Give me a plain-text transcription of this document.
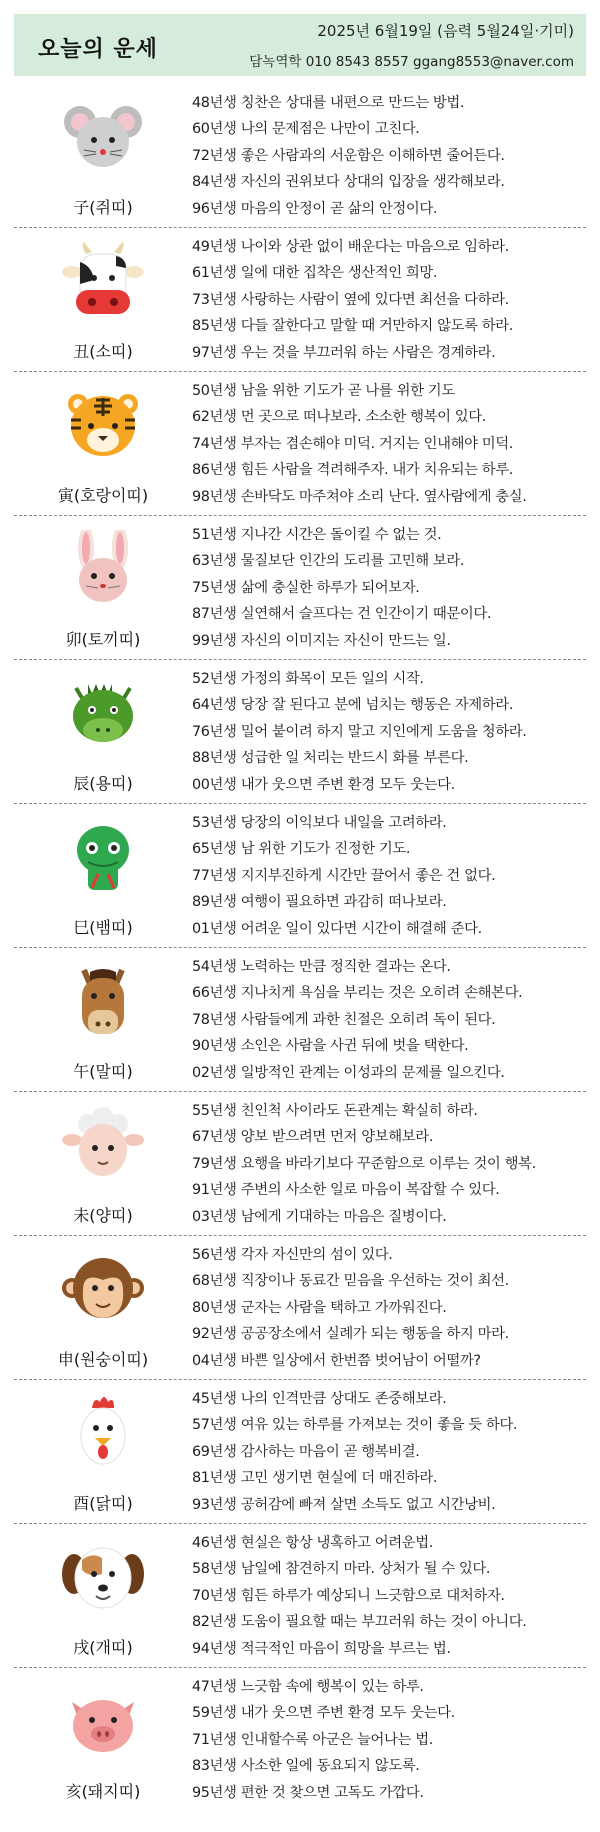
오늘의 운세
2025년 6월19일 (음력 5월24일·기미)
담녹역학 010 8543 8557 ggang8553@naver.com
子(쥐띠)
48년생 칭찬은 상대를 내편으로 만드는 방법.
60년생 나의 문제점은 나만이 고친다.
72년생 좋은 사람과의 서운함은 이해하면 줄어든다.
84년생 자신의 권위보다 상대의 입장을 생각해보라.
96년생 마음의 안정이 곧 삶의 안정이다.
丑(소띠)
49년생 나이와 상관 없이 배운다는 마음으로 임하라.
61년생 일에 대한 집착은 생산적인 희망.
73년생 사랑하는 사람이 옆에 있다면 최선을 다하라.
85년생 다들 잘한다고 말할 때 거만하지 않도록 하라.
97년생 우는 것을 부끄러워 하는 사람은 경계하라.
寅(호랑이띠)
50년생 남을 위한 기도가 곧 나를 위한 기도
62년생 먼 곳으로 떠나보라. 소소한 행복이 있다.
74년생 부자는 겸손해야 미덕. 거지는 인내해야 미덕.
86년생 힘든 사람을 격려해주자. 내가 치유되는 하루.
98년생 손바닥도 마주쳐야 소리 난다. 옆사람에게 충실.
卯(토끼띠)
51년생 지나간 시간은 돌이킬 수 없는 것.
63년생 물질보단 인간의 도리를 고민해 보라.
75년생 삶에 충실한 하루가 되어보자.
87년생 실연해서 슬프다는 건 인간이기 때문이다.
99년생 자신의 이미지는 자신이 만드는 일.
辰(용띠)
52년생 가정의 화목이 모든 일의 시작.
64년생 당장 잘 된다고 분에 넘치는 행동은 자제하라.
76년생 밀어 붙이려 하지 말고 지인에게 도움을 청하라.
88년생 성급한 일 처리는 반드시 화를 부른다.
00년생 내가 웃으면 주변 환경 모두 웃는다.
巳(뱀띠)
53년생 당장의 이익보다 내일을 고려하라.
65년생 남 위한 기도가 진정한 기도.
77년생 지지부진하게 시간만 끌어서 좋은 건 없다.
89년생 여행이 필요하면 과감히 떠나보라.
01년생 어려운 일이 있다면 시간이 해결해 준다.
午(말띠)
54년생 노력하는 만큼 정직한 결과는 온다.
66년생 지나치게 욕심을 부리는 것은 오히려 손해본다.
78년생 사람들에게 과한 친절은 오히려 독이 된다.
90년생 소인은 사람을 사귄 뒤에 벗을 택한다.
02년생 일방적인 관계는 이성과의 문제를 일으킨다.
未(양띠)
55년생 친인척 사이라도 돈관계는 확실히 하라.
67년생 양보 받으려면 먼저 양보해보라.
79년생 요행을 바라기보다 꾸준함으로 이루는 것이 행복.
91년생 주변의 사소한 일로 마음이 복잡할 수 있다.
03년생 남에게 기대하는 마음은 질병이다.
申(원숭이띠)
56년생 각자 자신만의 섬이 있다.
68년생 직장이나 동료간 믿음을 우선하는 것이 최선.
80년생 군자는 사람을 택하고 가까워진다.
92년생 공공장소에서 실례가 되는 행동을 하지 마라.
04년생 바쁜 일상에서 한번쯤 벗어남이 어떨까?
酉(닭띠)
45년생 나의 인격만큼 상대도 존중해보라.
57년생 여유 있는 하루를 가져보는 것이 좋을 듯 하다.
69년생 감사하는 마음이 곧 행복비결.
81년생 고민 생기면 현실에 더 매진하라.
93년생 공허감에 빠져 살면 소득도 없고 시간낭비.
戌(개띠)
46년생 현실은 항상 냉혹하고 어려운법.
58년생 남일에 참견하지 마라. 상처가 될 수 있다.
70년생 힘든 하루가 예상되니 느긋함으로 대처하자.
82년생 도움이 필요할 때는 부끄러워 하는 것이 아니다.
94년생 적극적인 마음이 희망을 부르는 법.
亥(돼지띠)
47년생 느긋함 속에 행복이 있는 하루.
59년생 내가 웃으면 주변 환경 모두 웃는다.
71년생 인내할수록 아군은 늘어나는 법.
83년생 사소한 일에 동요되지 않도록.
95년생 편한 것 찾으면 고독도 가깝다.
